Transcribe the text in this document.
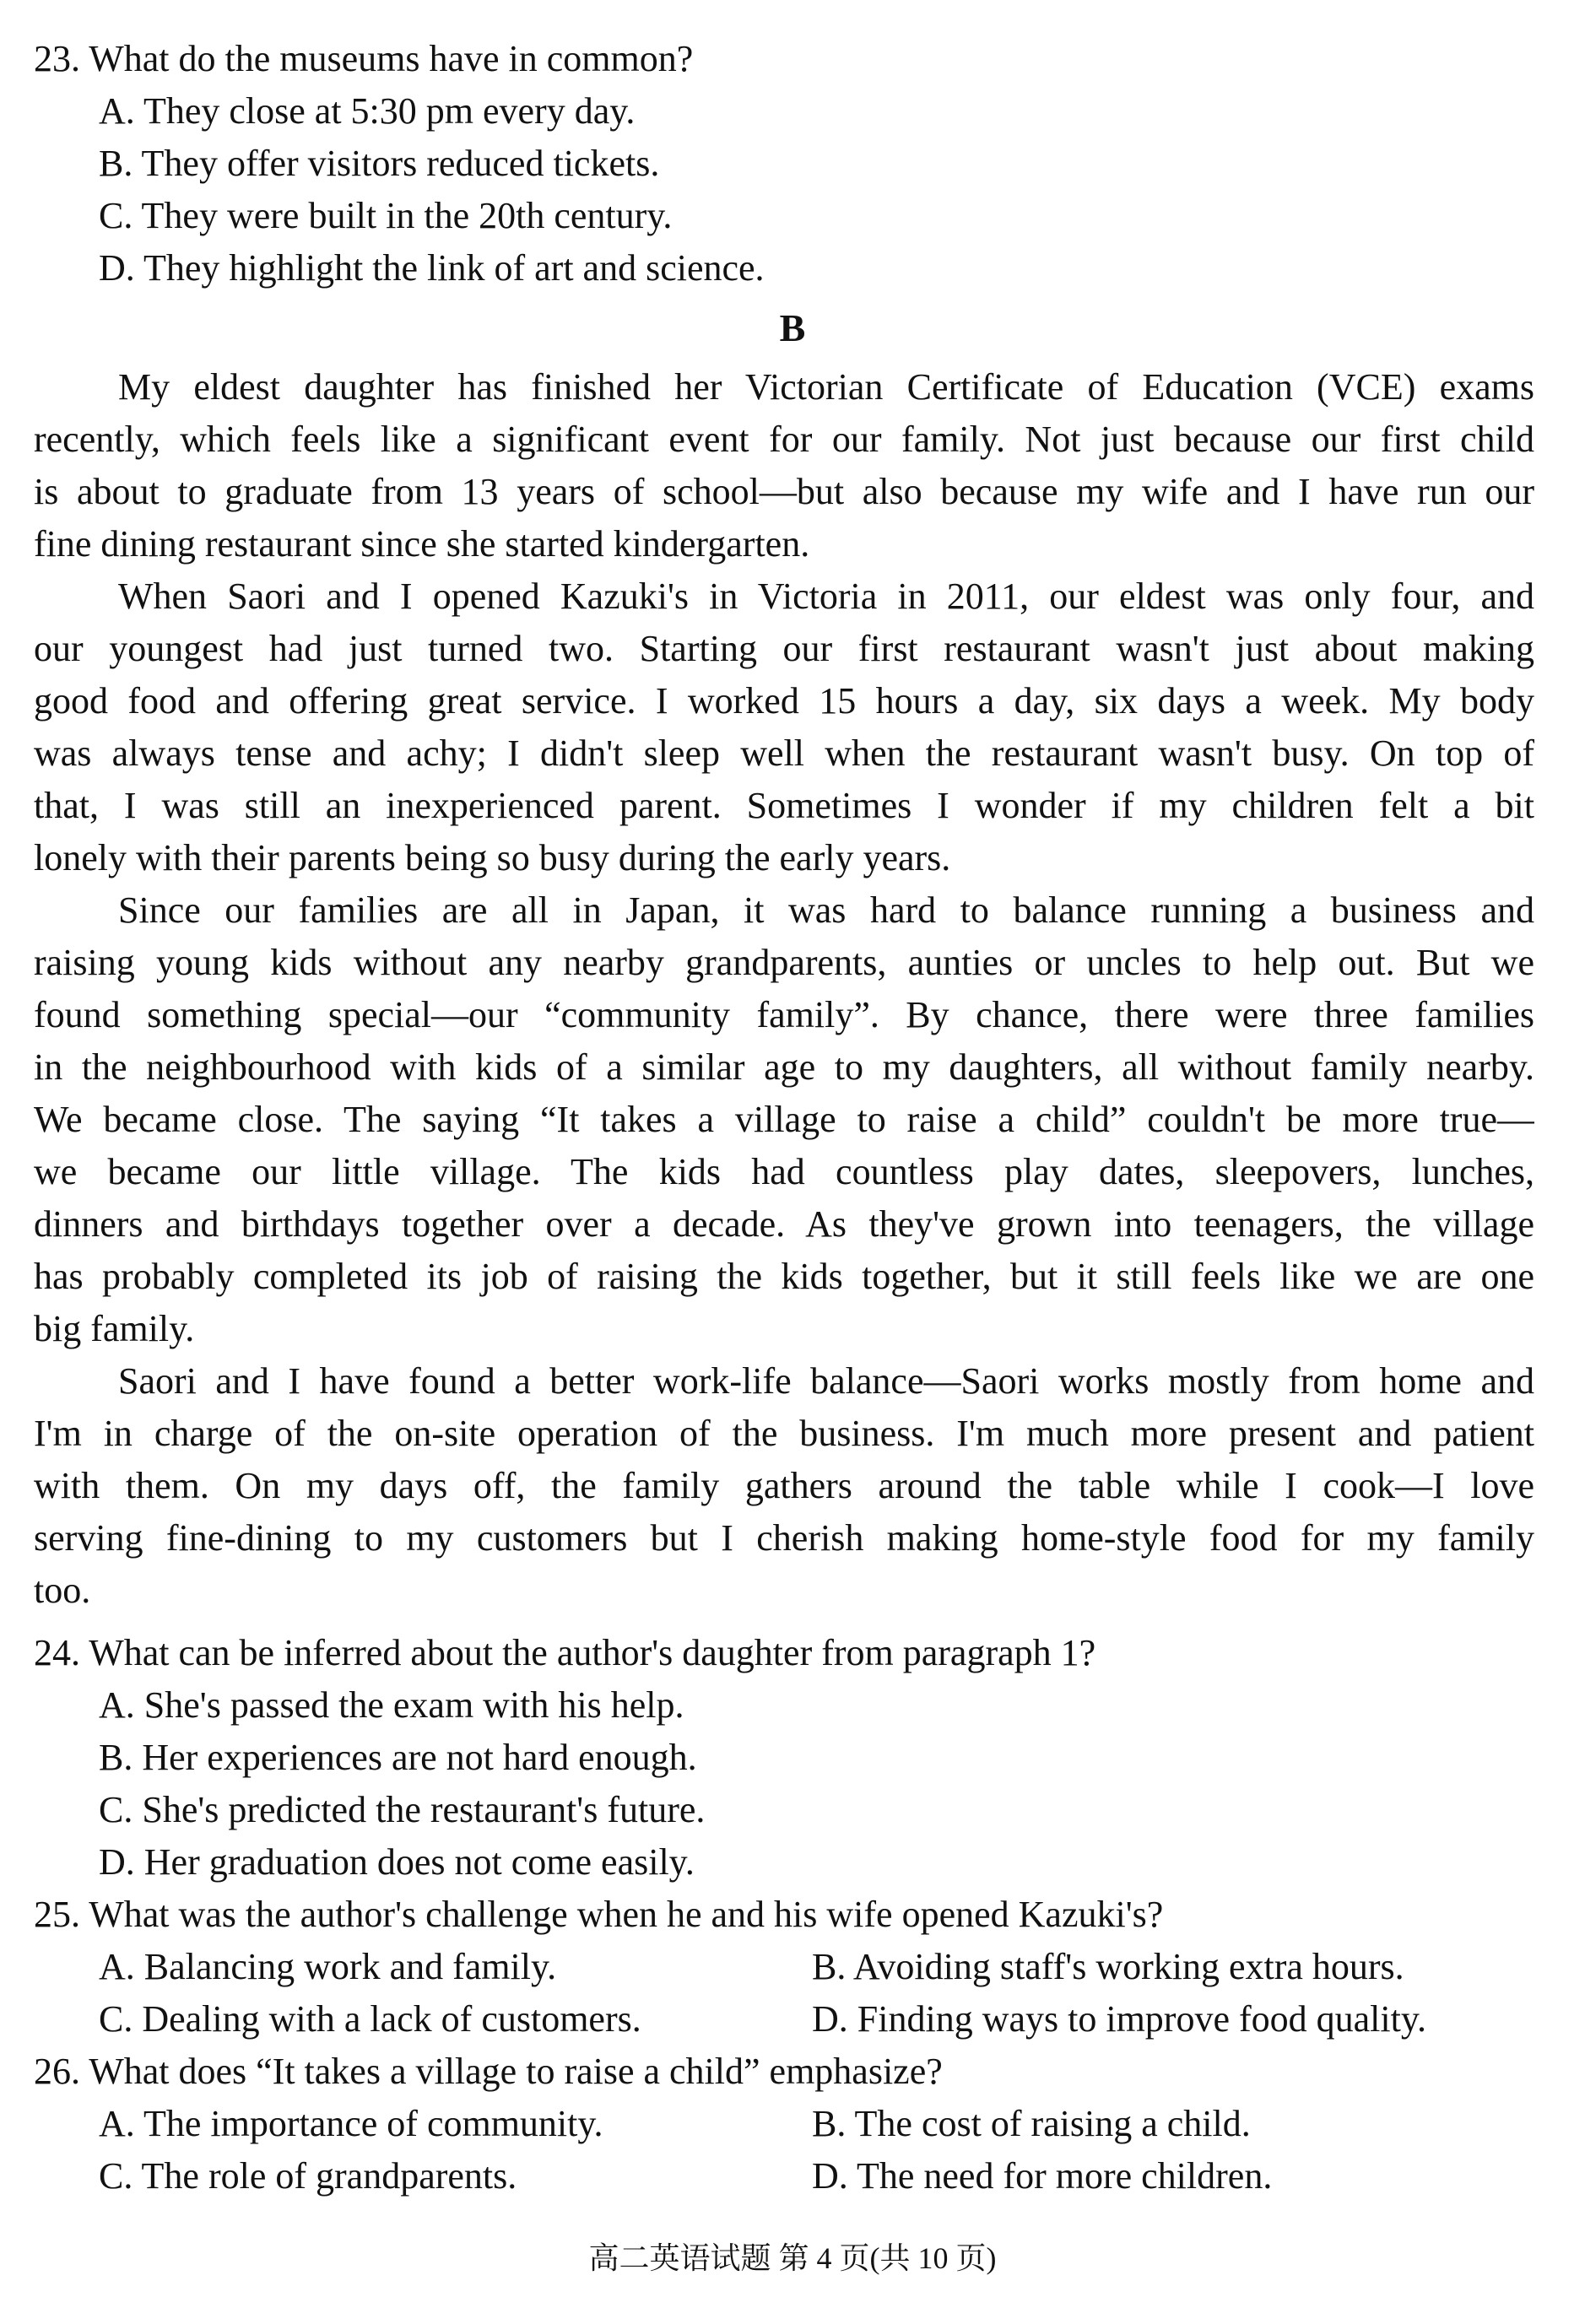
23. What do the museums have in common?
A. They close at 5:30 pm every day.
B. They offer visitors reduced tickets.
C. They were built in the 20th century.
D. They highlight the link of art and science.
B
My eldest daughter has finished her Victorian Certificate of Education (VCE) exams
recently, which feels like a significant event for our family. Not just because our first child
is about to graduate from 13 years of school—but also because my wife and I have run our
fine dining restaurant since she started kindergarten.
When Saori and I opened Kazuki's in Victoria in 2011, our eldest was only four, and
our youngest had just turned two. Starting our first restaurant wasn't just about making
good food and offering great service. I worked 15 hours a day, six days a week. My body
was always tense and achy; I didn't sleep well when the restaurant wasn't busy. On top of
that, I was still an inexperienced parent. Sometimes I wonder if my children felt a bit
lonely with their parents being so busy during the early years.
Since our families are all in Japan, it was hard to balance running a business and
raising young kids without any nearby grandparents, aunties or uncles to help out. But we
found something special—our “community family”. By chance, there were three families
in the neighbourhood with kids of a similar age to my daughters, all without family nearby.
We became close. The saying “It takes a village to raise a child” couldn't be more true—
we became our little village. The kids had countless play dates, sleepovers, lunches,
dinners and birthdays together over a decade. As they've grown into teenagers, the village
has probably completed its job of raising the kids together, but it still feels like we are one
big family.
Saori and I have found a better work-life balance—Saori works mostly from home and
I'm in charge of the on-site operation of the business. I'm much more present and patient
with them. On my days off, the family gathers around the table while I cook—I love
serving fine-dining to my customers but I cherish making home-style food for my family
too.
24. What can be inferred about the author's daughter from paragraph 1?
A. She's passed the exam with his help.
B. Her experiences are not hard enough.
C. She's predicted the restaurant's future.
D. Her graduation does not come easily.
25. What was the author's challenge when he and his wife opened Kazuki's?
A. Balancing work and family.	B. Avoiding staff's working extra hours.
C. Dealing with a lack of customers.	D. Finding ways to improve food quality.
26. What does “It takes a village to raise a child” emphasize?
A. The importance of community.	B. The cost of raising a child.
C. The role of grandparents.	D. The need for more children.
高二英语试题 第 4 页(共 10 页)
